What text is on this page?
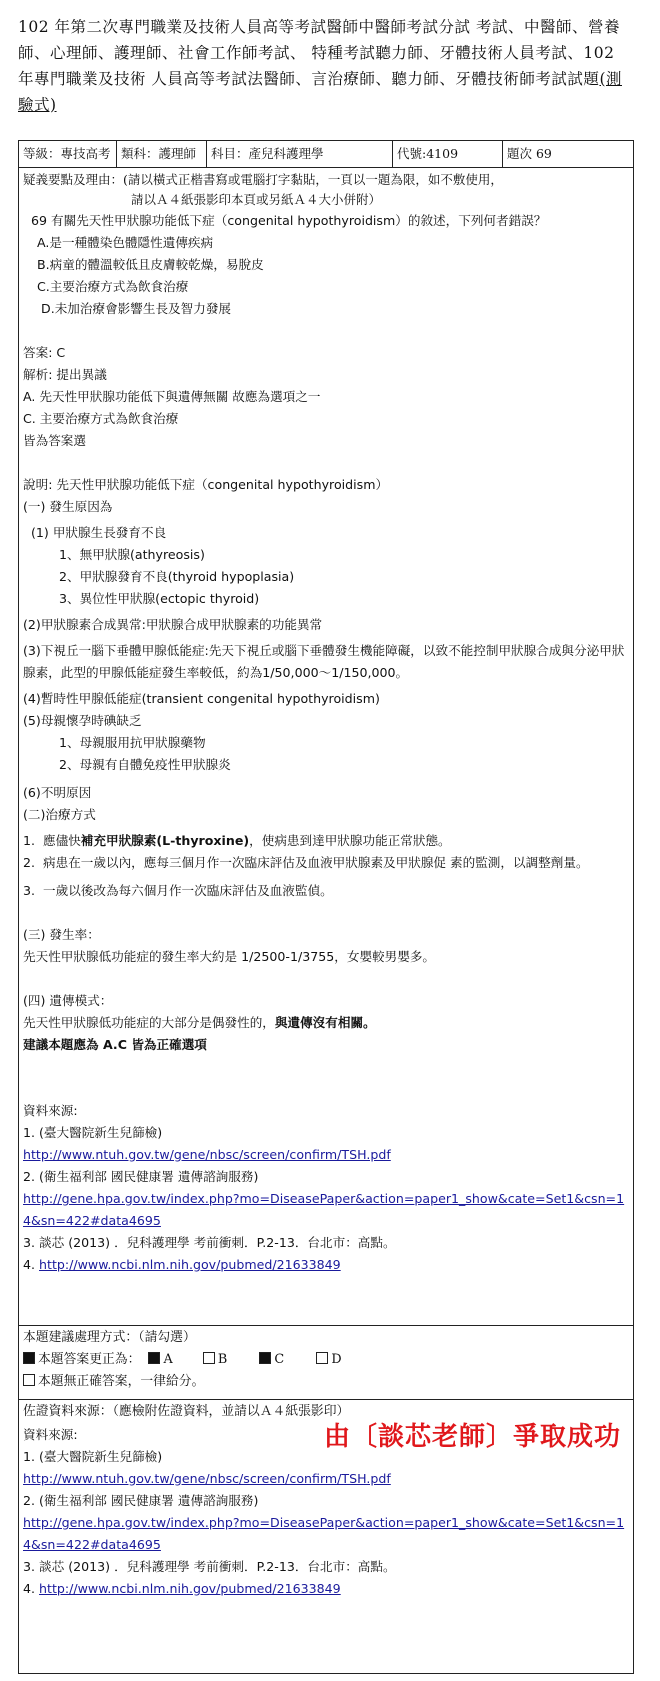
102 年第二次專門職業及技術人員高等考試醫師中醫師考試分試 考試、中醫師、營養師、心理師、護理師、社會工作師考試、 特種考試聽力師、牙體技術人員考試、102 年專門職業及技術 人員高等考試法醫師、言治療師、聽力師、牙體技術師考試試題(測驗式)
等級：專技高考 類科：護理師	科目：產兒科護理學	代號:4109	題次 69
疑義要點及理由：(請以橫式正楷書寫或電腦打字黏貼，一頁以一題為限，如不敷使用，
請以Ａ４紙張影印本頁或另紙Ａ４大小併附）
69 有關先天性甲狀腺功能低下症（congenital hypothyroidism）的敘述，下列何者錯誤？
A.是一種體染色體隱性遺傳疾病
B.病童的體溫較低且皮膚較乾燥，易脫皮
C.主要治療方式為飲食治療
D.未加治療會影響生長及智力發展
答案: C
解析: 提出異議
A. 先天性甲狀腺功能低下與遺傳無關 故應為選項之一
C. 主要治療方式為飲食治療
皆為答案選
說明: 先天性甲狀腺功能低下症（congenital hypothyroidism）
(一) 發生原因為
(1) 甲狀腺生長發育不良
1、無甲狀腺(athyreosis)
2、甲狀腺發育不良(thyroid hypoplasia)
3、異位性甲狀腺(ectopic thyroid)
(2)甲狀腺素合成異常:甲狀腺合成甲狀腺素的功能異常
(3)下視丘一腦下垂體甲腺低能症:先天下視丘或腦下垂體發生機能障礙，以致不能控制甲狀腺合成與分泌甲狀腺素，此型的甲腺低能症發生率較低，約為1/50,000～1/150,000。
(4)暫時性甲腺低能症(transient congenital hypothyroidism)
(5)母親懷孕時碘缺乏
1、母親服用抗甲狀腺藥物
2、母親有自體免疫性甲狀腺炎
(6)不明原因
(二)治療方式
1. 應儘快補充甲狀腺素(L-thyroxine)，使病患到達甲狀腺功能正常狀態。
2. 病患在一歲以內，應每三個月作一次臨床評估及血液甲狀腺素及甲狀腺促 素的監測，以調整劑量。
3. 一歲以後改為每六個月作一次臨床評估及血液監偵。
(三) 發生率：
先天性甲狀腺低功能症的發生率大約是 1/2500-1/3755，女嬰較男嬰多。
(四) 遺傳模式：
先天性甲狀腺低功能症的大部分是偶發性的，與遺傳沒有相關。
建議本題應為 A.C 皆為正確選項
資料來源:
1. (臺大醫院新生兒篩檢)
http://www.ntuh.gov.tw/gene/nbsc/screen/confirm/TSH.pdf
2. (衛生福利部 國民健康署 遺傳諮詢服務)
http://gene.hpa.gov.tw/index.php?mo=DiseasePaper&action=paper1_show&cate=Set1&csn=14&sn=422#data4695
3. 談芯 (2013) ．兒科護理學 考前衝刺．P.2-13．台北市：高點。
4. http://www.ncbi.nlm.nih.gov/pubmed/21633849
本題建議處理方式：（請勾選）
本題答案更正為： A	B	C	D
本題無正確答案，一律給分。
佐證資料來源：（應檢附佐證資料，並請以Ａ４紙張影印）
由〔談芯老師〕爭取成功
資料來源:
1. (臺大醫院新生兒篩檢)
http://www.ntuh.gov.tw/gene/nbsc/screen/confirm/TSH.pdf
2. (衛生福利部 國民健康署 遺傳諮詢服務)
http://gene.hpa.gov.tw/index.php?mo=DiseasePaper&action=paper1_show&cate=Set1&csn=14&sn=422#data4695
3. 談芯 (2013) ．兒科護理學 考前衝刺．P.2-13．台北市：高點。
4. http://www.ncbi.nlm.nih.gov/pubmed/21633849
